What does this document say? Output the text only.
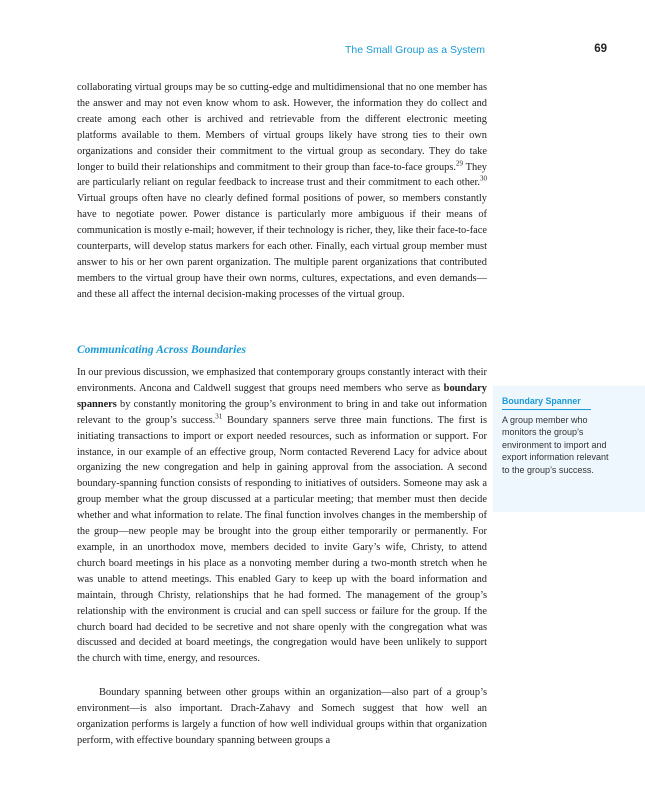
The Small Group as a System	69

collaborating virtual groups may be so cutting-edge and multidimensional that no one member has the answer and may not even know whom to ask. However, the information they do collect and create among each other is archived and retrievable from the different electronic meeting platforms available to them. Members of virtual groups likely have strong ties to their own organizations and consider their commitment to the virtual group as secondary. They do take longer to build their relationships and commitment to their group than face-to-face groups.$^{29}$ They are particularly reliant on regular feedback to increase trust and their commitment to each other.$^{30}$ Virtual groups often have no clearly defined formal positions of power, so members constantly have to negotiate power. Power distance is particularly more ambiguous if their means of communication is mostly e-mail; however, if their technology is richer, they, like their face-to-face counterparts, will develop status markers for each other. Finally, each virtual group member must answer to his or her own parent organization. The multiple parent organizations that contributed members to the virtual group have their own norms, cultures, expectations, and even demands—and these all affect the internal decision-making processes of the virtual group.

Communicating Across Boundaries

In our previous discussion, we emphasized that contemporary groups constantly interact with their environments. Ancona and Caldwell suggest that groups need members who serve as boundary spanners by constantly monitoring the group’s environment to bring in and take out information relevant to the group’s success.$^{31}$ Boundary spanners serve three main functions. The first is initiating transactions to import or export needed resources, such as information or support. For instance, in our example of an effective group, Norm contacted Reverend Lacy for advice about organizing the new congregation and help in gaining approval from the association. A second boundary-spanning function consists of responding to initiatives of outsiders. Someone may ask a group member what the group discussed at a particular meeting; that member must then decide whether and what information to relate. The final function involves changes in the membership of the group—new people may be brought into the group either temporarily or permanently. For example, in an unorthodox move, members decided to invite Gary’s wife, Christy, to attend church board meetings in his place as a nonvoting member during a two-month stretch when he was unable to attend meetings. This enabled Gary to keep up with the board information and maintain, through Christy, relationships that he had formed. The management of the group’s relationship with the environment is crucial and can spell success or failure for the group. If the church board had decided to be secretive and not share openly with the congregation what was discussed and decided at board meetings, the congregation would have been unlikely to support the church with time, energy, and resources.

Boundary spanning between other groups within an organization—also part of a group’s environment—is also important. Drach-Zahavy and Somech suggest that how well an organization performs is largely a function of how well individual groups within that organization perform, with effective boundary spanning between groups a

Boundary Spanner

A group member who monitors the group’s environment to import and export information relevant to the group’s success.
